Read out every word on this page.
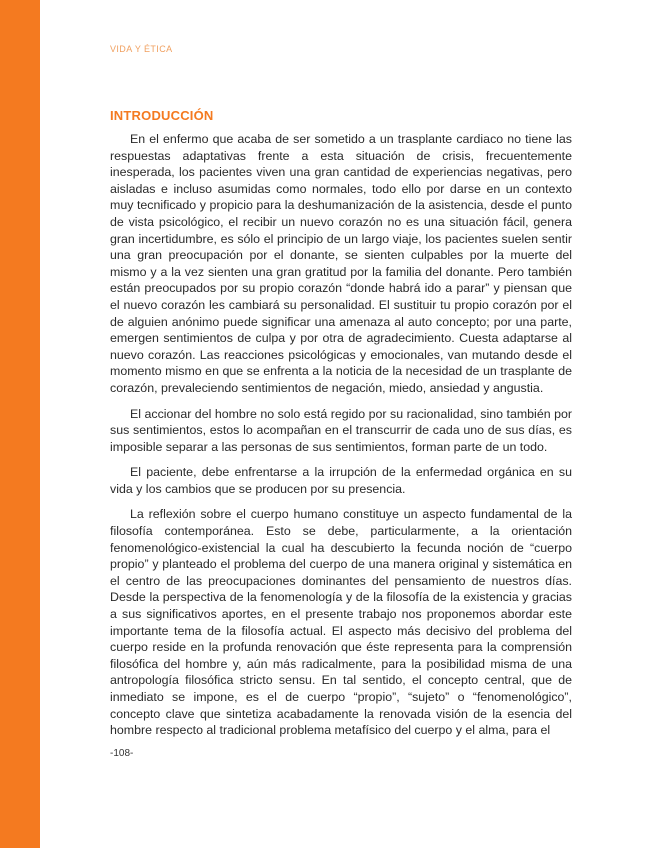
VIDA Y ÉTICA
INTRODUCCIÓN

En el enfermo que acaba de ser sometido a un trasplante cardiaco no tiene las respuestas adaptativas frente a esta situación de crisis, frecuentemente inesperada, los pacientes viven una gran cantidad de experiencias negativas, pero aisladas e incluso asumidas como normales, todo ello por darse en un contexto muy tecnificado y propicio para la deshumanización de la asistencia, desde el punto de vista psicológico, el recibir un nuevo corazón no es una situación fácil, genera gran incertidumbre, es sólo el principio de un largo viaje, los pacientes suelen sentir una gran preocupación por el donante, se sienten culpables por la muerte del mismo y a la vez sienten una gran gratitud por la familia del donante. Pero también están preocupados por su propio corazón “donde habrá ido a parar” y piensan que el nuevo corazón les cambiará su personalidad. El sustituir tu propio corazón por el de alguien anónimo puede significar una amenaza al auto concepto; por una parte, emergen sentimientos de culpa y por otra de agradecimiento. Cuesta adaptarse al nuevo corazón. Las reacciones psicológicas y emocionales, van mutando desde el momento mismo en que se enfrenta a la noticia de la necesidad de un trasplante de corazón, prevaleciendo sentimientos de negación, miedo, ansiedad y angustia.

El accionar del hombre no solo está regido por su racionalidad, sino también por sus sentimientos, estos lo acompañan en el transcurrir de cada uno de sus días, es imposible separar a las personas de sus sentimientos, forman parte de un todo.

El paciente, debe enfrentarse a la irrupción de la enfermedad orgánica en su vida y los cambios que se producen por su presencia.

La reflexión sobre el cuerpo humano constituye un aspecto fundamental de la filosofía contemporánea. Esto se debe, particularmente, a la orientación fenomenológico-existencial la cual ha descubierto la fecunda noción de “cuerpo propio” y planteado el problema del cuerpo de una manera original y sistemática en el centro de las preocupaciones dominantes del pensamiento de nuestros días. Desde la perspectiva de la fenomenología y de la filosofía de la existencia y gracias a sus significativos aportes, en el presente trabajo nos proponemos abordar este importante tema de la filosofía actual. El aspecto más decisivo del problema del cuerpo reside en la profunda renovación que éste representa para la comprensión filosófica del hombre y, aún más radicalmente, para la posibilidad misma de una antropología filosófica stricto sensu. En tal sentido, el concepto central, que de inmediato se impone, es el de cuerpo “propio”, “sujeto” o “fenomenológico”, concepto clave que sintetiza acabadamente la renovada visión de la esencia del hombre respecto al tradicional problema metafísico del cuerpo y el alma, para el

-108-
